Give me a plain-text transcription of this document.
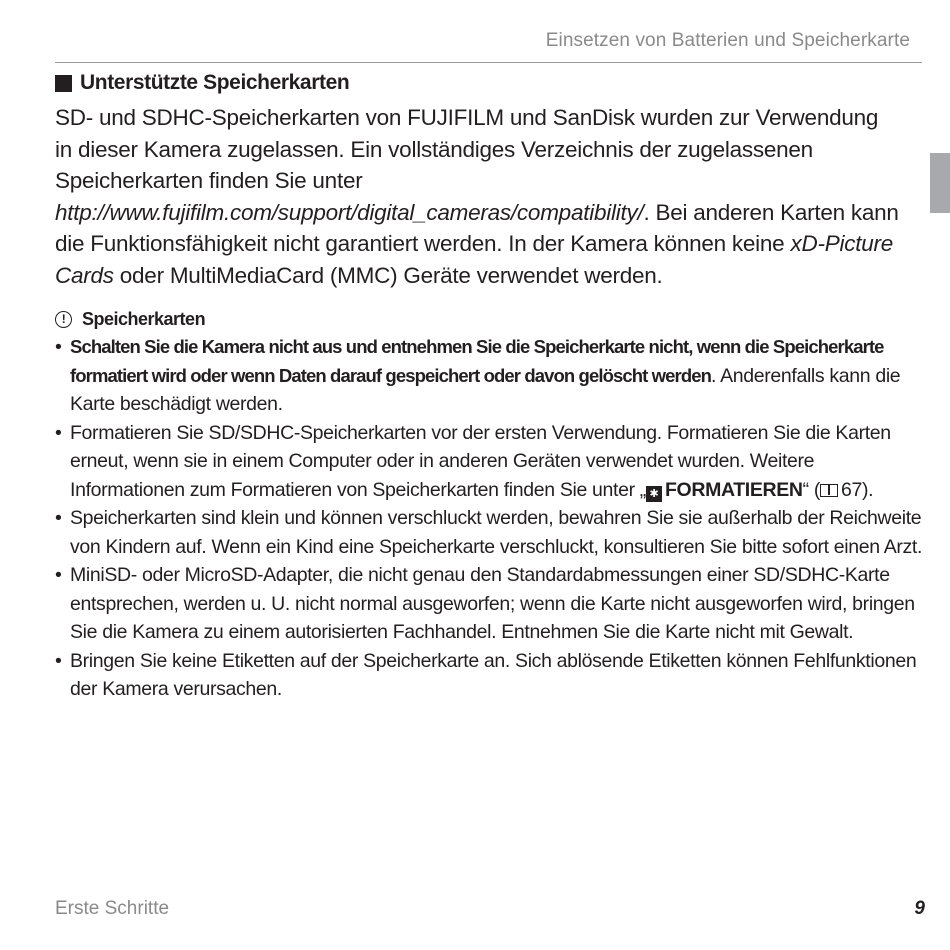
Einsetzen von Batterien und Speicherkarte
Unterstützte Speicherkarten

SD- und SDHC-Speicherkarten von FUJIFILM und SanDisk wurden zur Verwendung in dieser Kamera zugelassen. Ein vollständiges Verzeichnis der zugelassenen Speicherkarten finden Sie unter http://www.fujifilm.com/support/digital_cameras/compatibility/. Bei anderen Karten kann die Funktionsfähigkeit nicht garantiert werden. In der Kamera können keine xD-Picture Cards oder MultiMediaCard (MMC) Geräte verwendet werden.

! Speicherkarten
• Schalten Sie die Kamera nicht aus und entnehmen Sie die Speicherkarte nicht, wenn die Speicherkarte formatiert wird oder wenn Daten darauf gespeichert oder davon gelöscht werden. Anderenfalls kann die Karte beschädigt werden.
• Formatieren Sie SD/SDHC-Speicherkarten vor der ersten Verwendung. Formatieren Sie die Karten erneut, wenn sie in einem Computer oder in anderen Geräten verwendet wurden. Weitere Informationen zum Formatieren von Speicherkarten finden Sie unter „ ✱ FORMATIEREN“ ( 67).
• Speicherkarten sind klein und können verschluckt werden, bewahren Sie sie außerhalb der Reichweite von Kindern auf. Wenn ein Kind eine Speicherkarte verschluckt, konsultieren Sie bitte sofort einen Arzt.
• MiniSD- oder MicroSD-Adapter, die nicht genau den Standardabmessungen einer SD/SDHC-Karte entsprechen, werden u. U. nicht normal ausgeworfen; wenn die Karte nicht ausgeworfen wird, bringen Sie die Kamera zu einem autorisierten Fachhandel. Entnehmen Sie die Karte nicht mit Gewalt.
• Bringen Sie keine Etiketten auf der Speicherkarte an. Sich ablösende Etiketten können Fehlfunktionen der Kamera verursachen.
Erste Schritte	9
